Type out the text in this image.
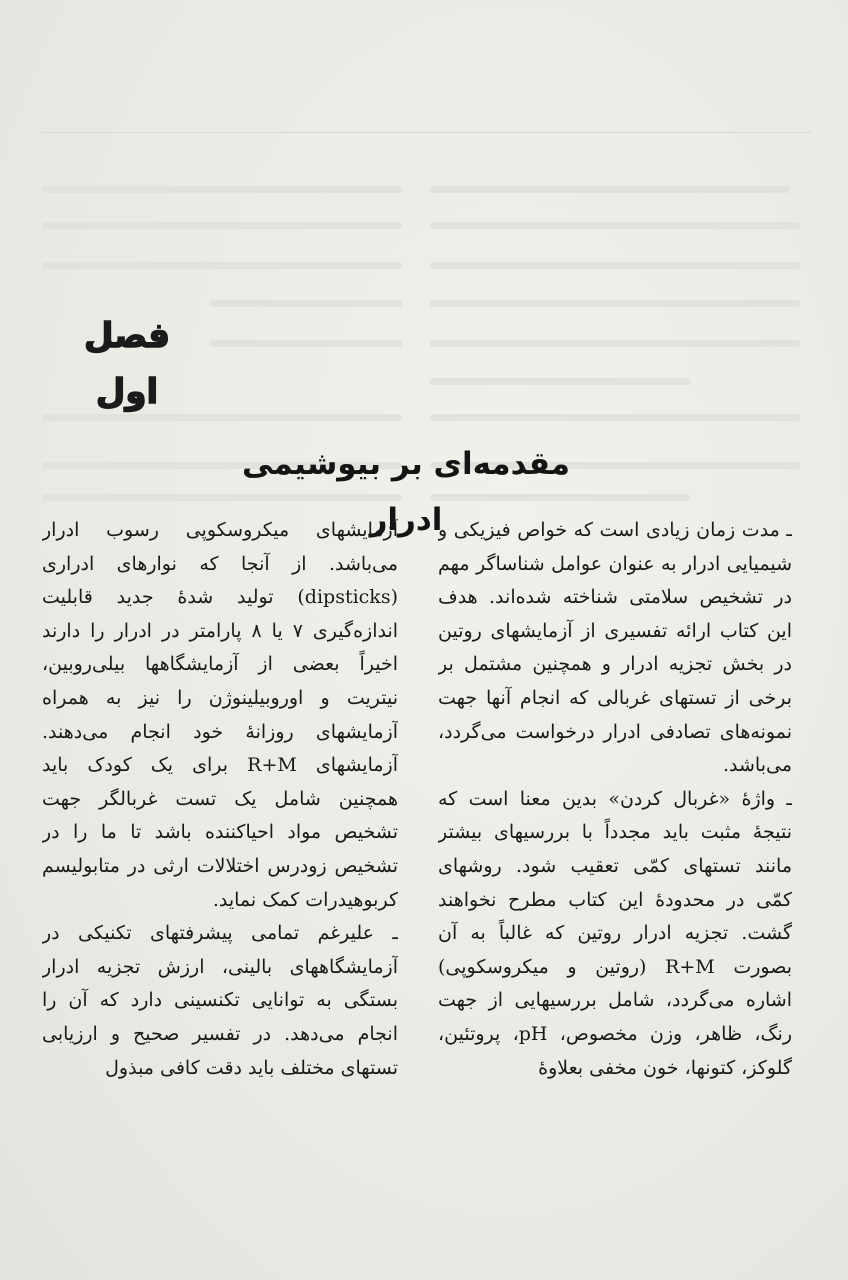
فصل اول
مقدمه‌ای بر بیوشیمی ادرار

ـ مدت زمان زیادی است که خواص فیزیکی و شیمیایی ادرار به عنوان عوامل شناساگر مهم در تشخیص سلامتی شناخته شده‌اند. هدف این کتاب ارائه تفسیری از آزمایشهای روتین در بخش تجزیه ادرار و همچنین مشتمل بر برخی از تستهای غربالی که انجام آنها جهت نمونه‌های تصادفی ادرار درخواست می‌گردد، می‌باشد.

ـ واژهٔ «غربال کردن» بدین معنا است که نتیجهٔ مثبت باید مجدداً با بررسیهای بیشتر مانند تستهای کمّی تعقیب شود. روشهای کمّی در محدودهٔ این کتاب مطرح نخواهند گشت. تجزیه ادرار روتین که غالباً به آن بصورت R+M (روتین و میکروسکوپی) اشاره می‌گردد، شامل بررسیهایی از جهت رنگ، ظاهر، وزن مخصوص، pH، پروتئین، گلوکز، کتونها، خون مخفی بعلاوهٔ

آزمایشهای میکروسکوپی رسوب ادرار می‌باشد. از آنجا که نوارهای ادراری (dipsticks) تولید شدهٔ جدید قابلیت اندازه‌گیری ۷ یا ۸ پارامتر در ادرار را دارند اخیراً بعضی از آزمایشگاهها بیلی‌روبین، نیتریت و اوروبیلینوژن را نیز به همراه آزمایشهای روزانهٔ خود انجام می‌دهند. آزمایشهای R+M برای یک کودک باید همچنین شامل یک تست غربالگر جهت تشخیص مواد احیاکننده باشد تا ما را در تشخیص زودرس اختلالات ارثی در متابولیسم کربوهیدرات کمک نماید.

ـ علیرغم تمامی پیشرفتهای تکنیکی در آزمایشگاههای بالینی، ارزش تجزیه ادرار بستگی به توانایی تکنسینی دارد که آن را انجام می‌دهد. در تفسیر صحیح و ارزیابی تستهای مختلف باید دقت کافی مبذول
